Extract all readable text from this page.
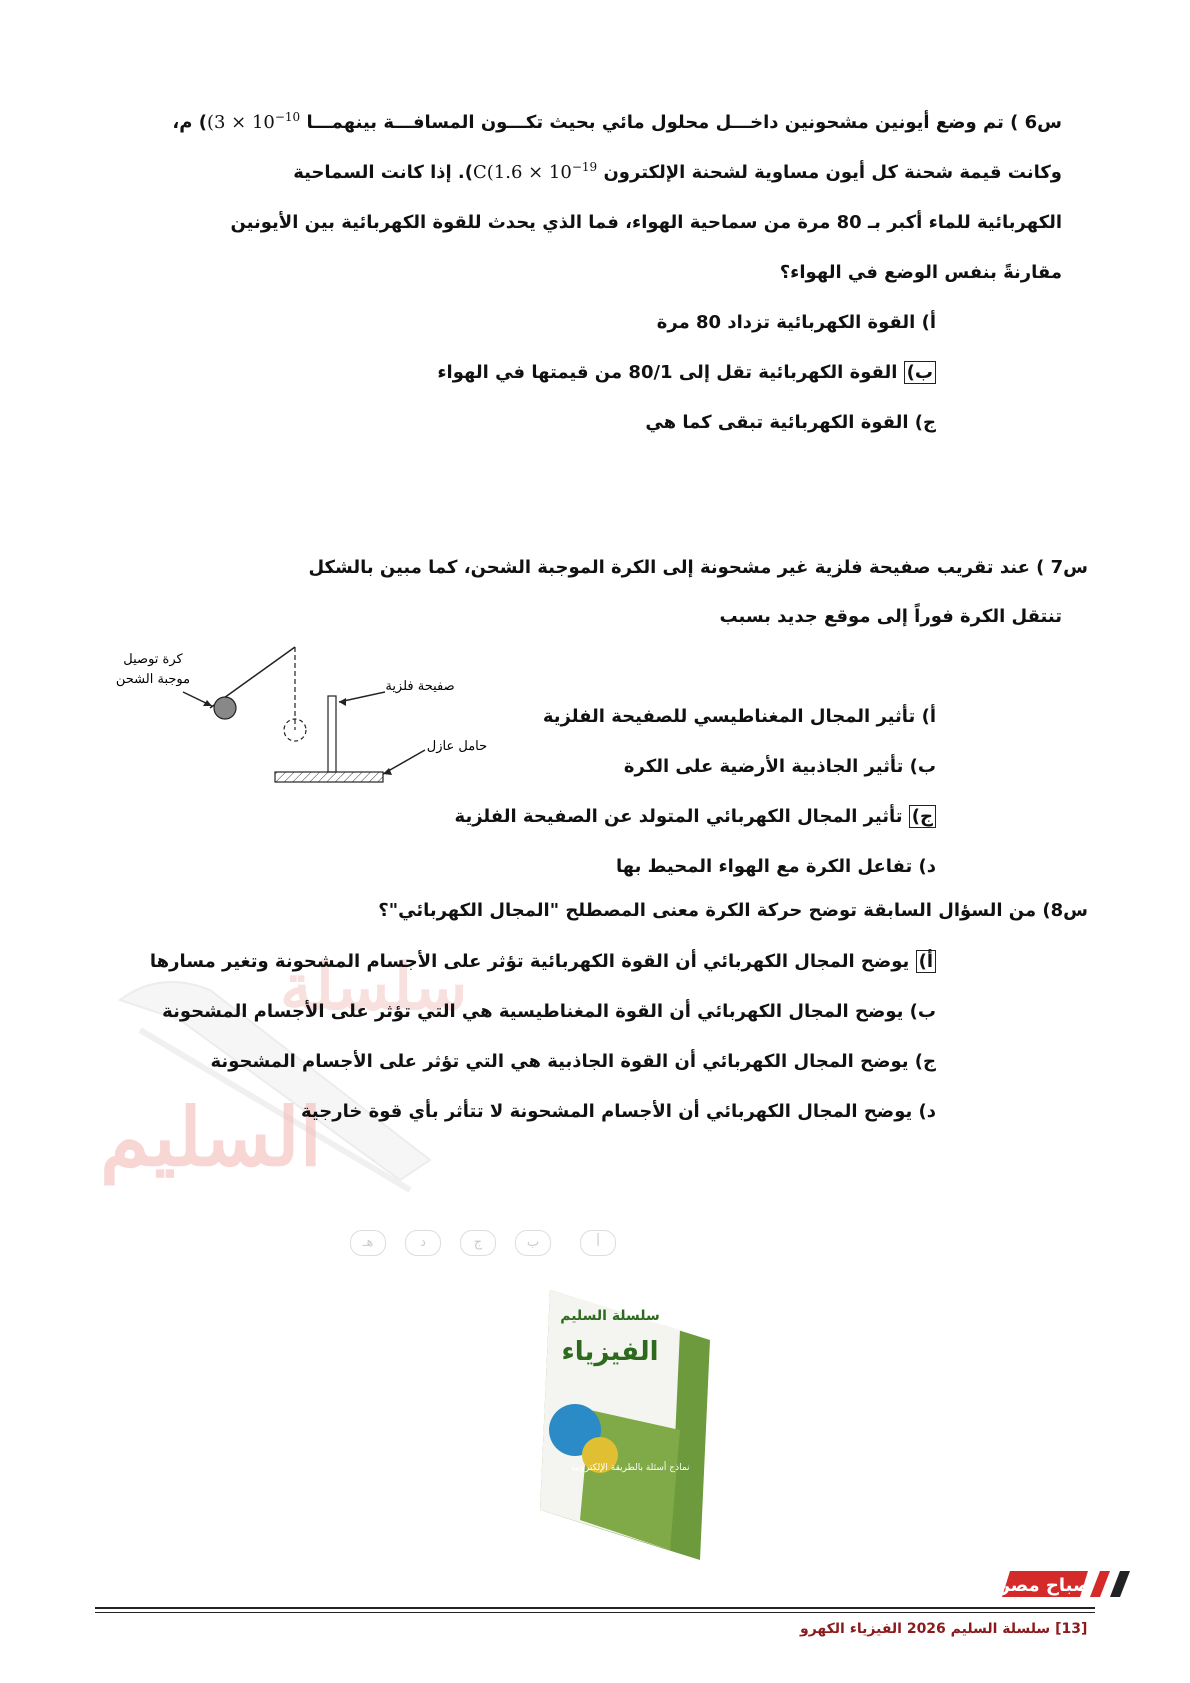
س6 ) تم وضع أيونين مشحونين داخـــل محلول مائي بحيث تكـــون المسافـــة بينهمـــا $(3 \times 10^{-10})$ م،
وكانت قيمة شحنة كل أيون مساوية لشحنة الإلكترون $C(1.6 \times 10^{-19})$. إذا كانت السماحية
الكهربائية للماء أكبر بـ 80 مرة من سماحية الهواء، فما الذي يحدث للقوة الكهربائية بين الأيونين
مقارنةً بنفس الوضع في الهواء؟
أ) القوة الكهربائية تزداد 80 مرة
ب) القوة الكهربائية تقل إلى 80/1 من قيمتها في الهواء
ج) القوة الكهربائية تبقى كما هي
س7 ) عند تقريب صفيحة فلزية غير مشحونة إلى الكرة الموجبة الشحن، كما مبين بالشكل
تنتقل الكرة فوراً إلى موقع جديد بسبب
كرة توصيل
موجبة الشحن	صفيحة فلزية
حامل عازل
أ) تأثير المجال المغناطيسي للصفيحة الفلزية
ب) تأثير الجاذبية الأرضية على الكرة
ج) تأثير المجال الكهربائي المتولد عن الصفيحة الفلزية
د) تفاعل الكرة مع الهواء المحيط بها
سلسلة
السليم
هـ	د	ج	ب	أ
س8) من السؤال السابقة توضح حركة الكرة معنى المصطلح "المجال الكهربائي"؟
أ) يوضح المجال الكهربائي أن القوة الكهربائية تؤثر على الأجسام المشحونة وتغير مسارها
ب) يوضح المجال الكهربائي أن القوة المغناطيسية هي التي تؤثر على الأجسام المشحونة
ج) يوضح المجال الكهربائي أن القوة الجاذبية هي التي تؤثر على الأجسام المشحونة
د) يوضح المجال الكهربائي أن الأجسام المشحونة لا تتأثر بأي قوة خارجية
سلسلة السليم
الفيزياء
نماذج أسئلة بالطريقة الإلكترونية
صباح مصر
[13] سلسلة السليم 2026 الفيزياء الكهرو
